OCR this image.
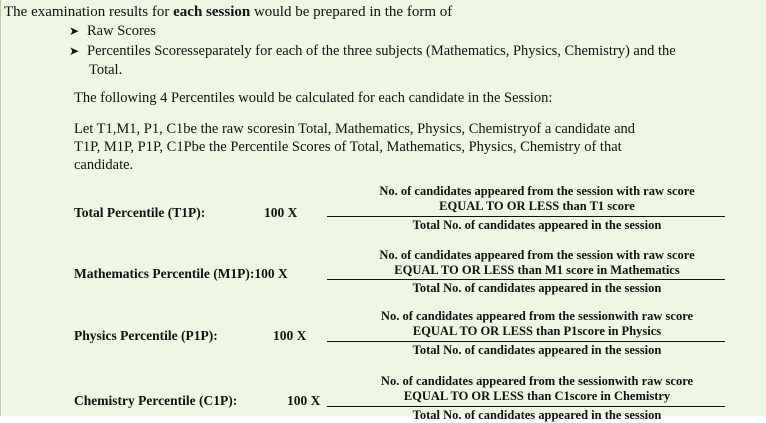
The examination results for each session would be prepared in the form of
➤ Raw Scores
➤ Percentiles Scoresseparately for each of the three subjects (Mathematics, Physics, Chemistry) and the
Total.
The following 4 Percentiles would be calculated for each candidate in the Session:
Let T1,M1, P1, C1be the raw scoresin Total, Mathematics, Physics, Chemistryof a candidate and
T1P, M1P, P1P, C1Pbe the Percentile Scores of Total, Mathematics, Physics, Chemistry of that
candidate.
Total Percentile (T1P):	100 X
No. of candidates appeared from the session with raw score
EQUAL TO OR LESS than T1 score
Total No. of candidates appeared in the session
Mathematics Percentile (M1P):100 X
No. of candidates appeared from the session with raw score
EQUAL TO OR LESS than M1 score in Mathematics
Total No. of candidates appeared in the session
Physics Percentile (P1P):	100 X
No. of candidates appeared from the sessionwith raw score
EQUAL TO OR LESS than P1score in Physics
Total No. of candidates appeared in the session
Chemistry Percentile (C1P):	100 X
No. of candidates appeared from the sessionwith raw score
EQUAL TO OR LESS than C1score in Chemistry
Total No. of candidates appeared in the session
